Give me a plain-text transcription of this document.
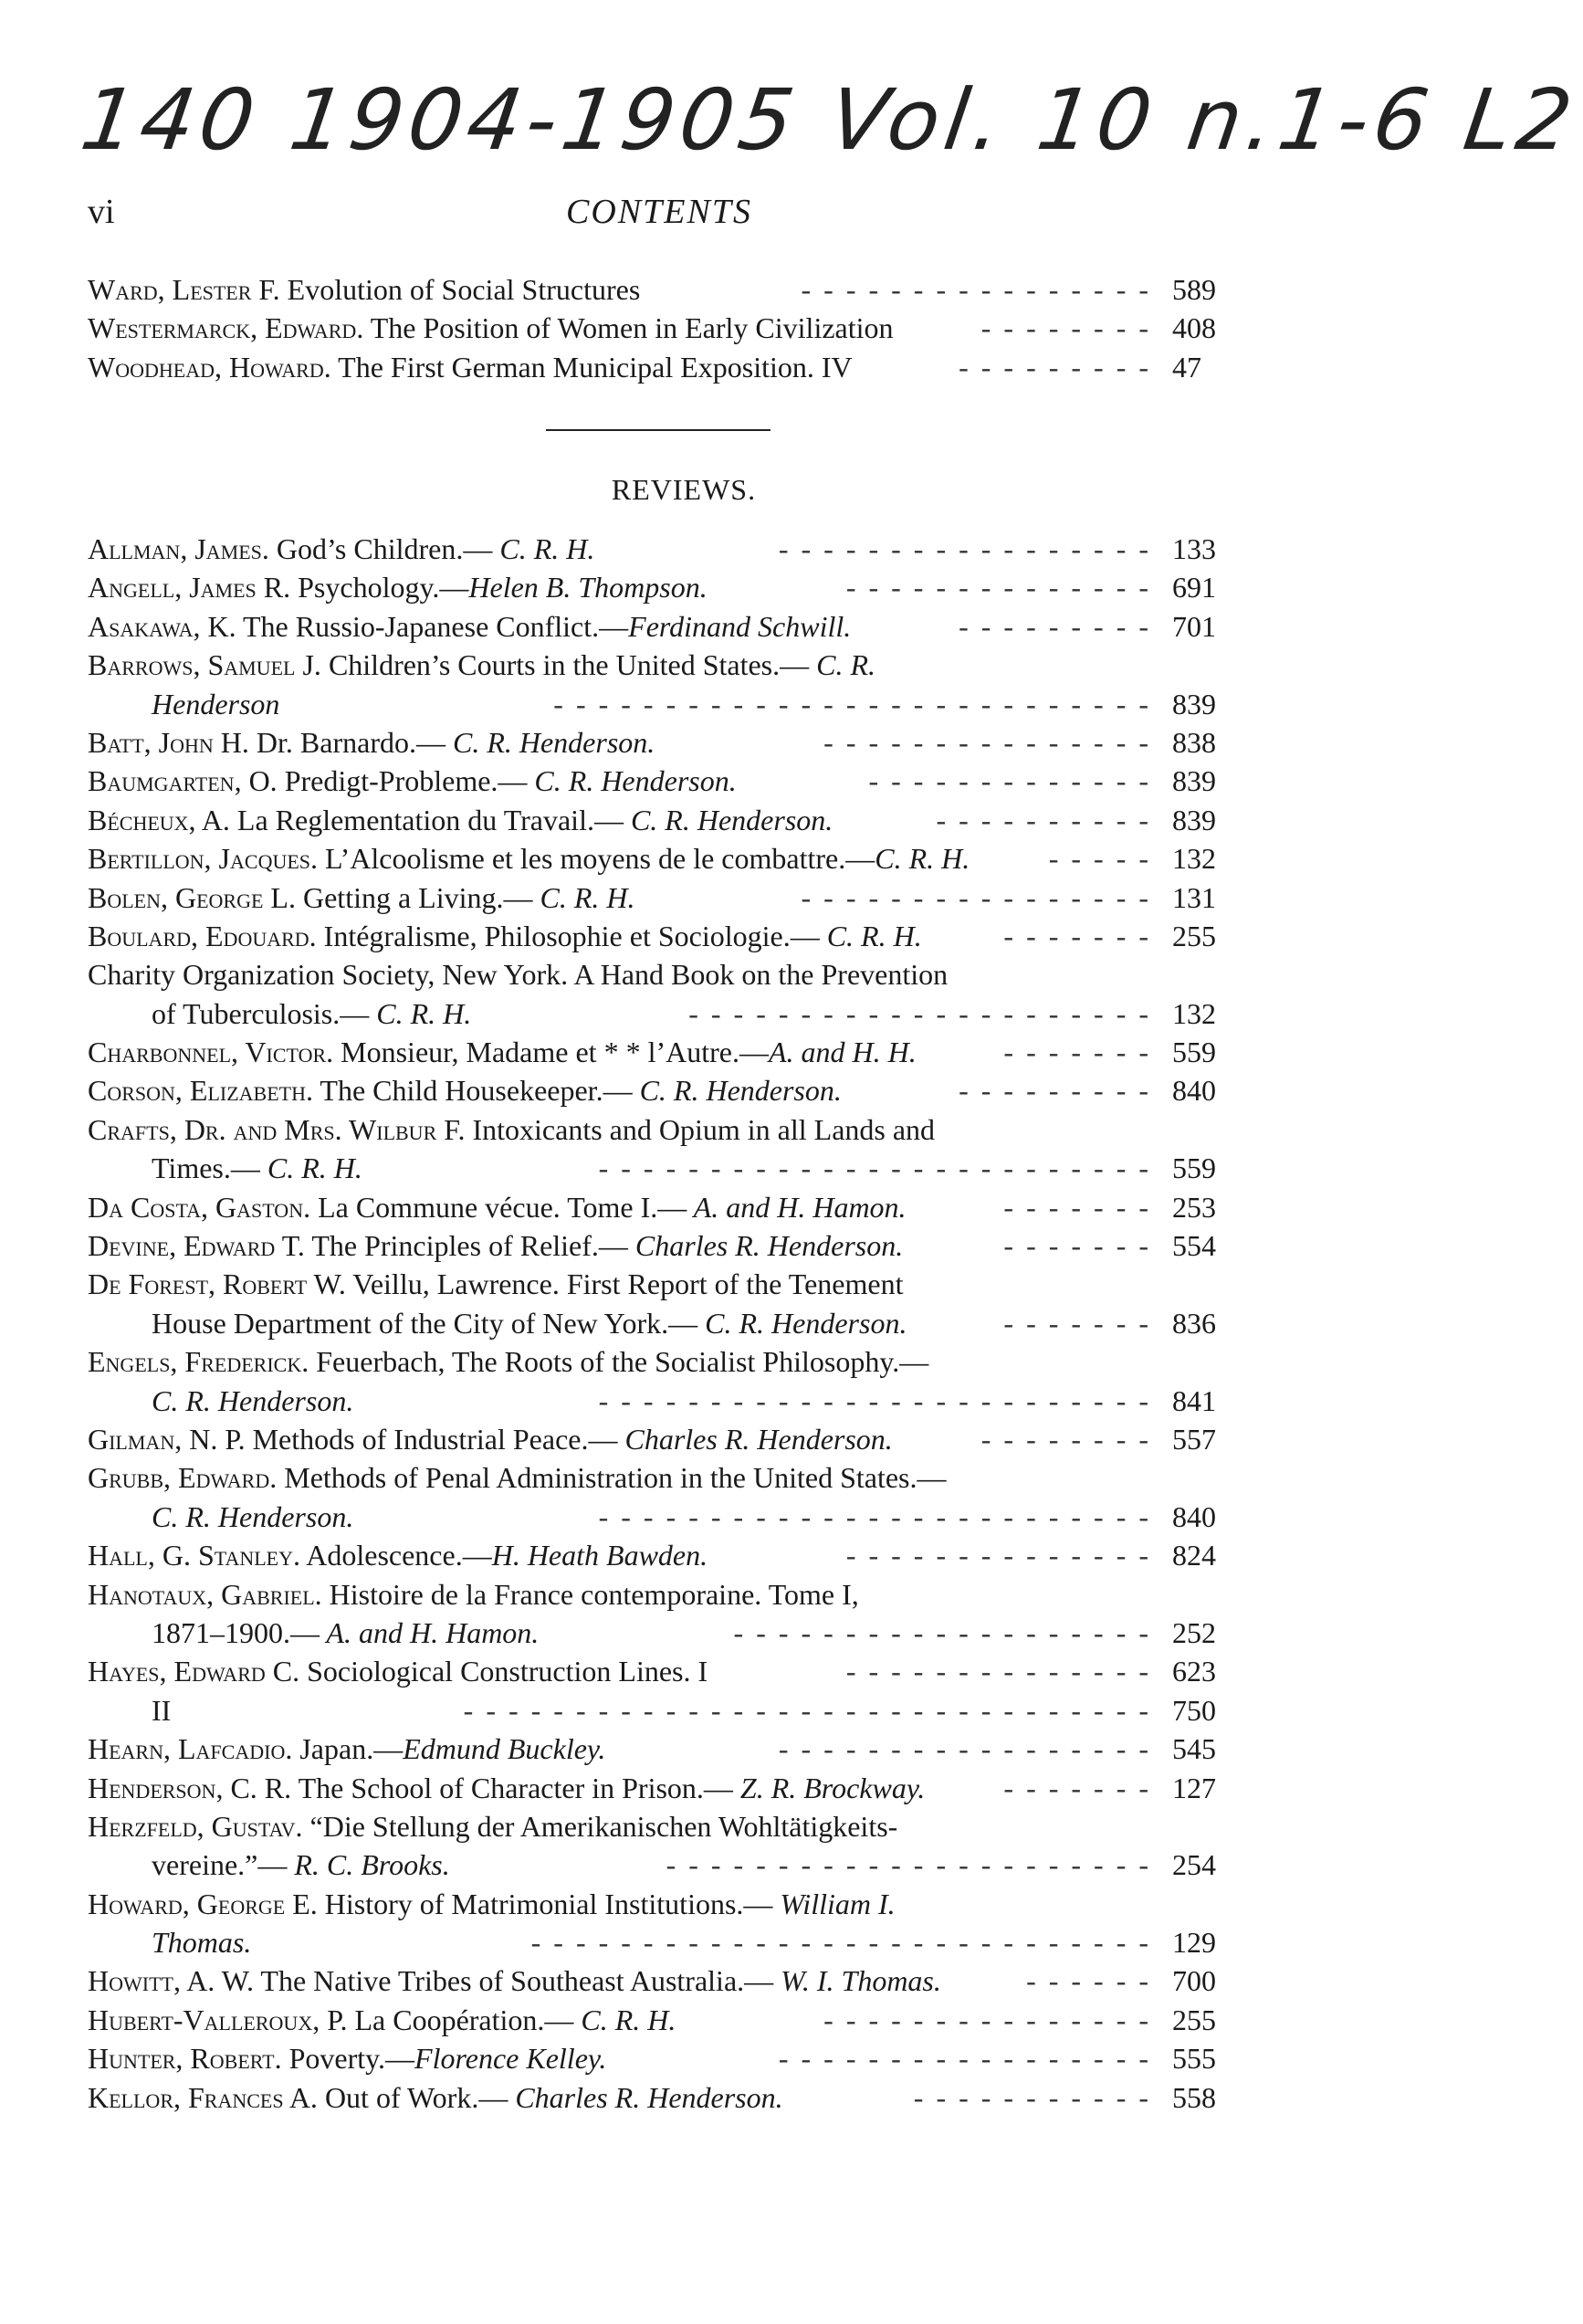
140 1904-1905 Vol. 10 n.1-6 L2
vi	CONTENTS
Ward, Lester F. Evolution of Social Structures	---------------- 589
Westermarck, Edward. The Position of Women in Early Civilization	-------- 408
Woodhead, Howard. The First German Municipal Exposition. IV	--------- 47
REVIEWS.
Allman, James. God’s Children.— C. R. H.	----------------- 133
Angell, James R. Psychology.—Helen B. Thompson.	-------------- 691
Asakawa, K. The Russio-Japanese Conflict.—Ferdinand Schwill.	--------- 701
Barrows, Samuel J. Children’s Courts in the United States.— C. R.
Henderson	--------------------------- 839
Batt, John H. Dr. Barnardo.— C. R. Henderson.	--------------- 838
Baumgarten, O. Predigt-Probleme.— C. R. Henderson.	------------- 839
Bécheux, A. La Reglementation du Travail.— C. R. Henderson.	---------- 839
Bertillon, Jacques. L’Alcoolisme et les moyens de le combattre.—C. R. H.	----- 132
Bolen, George L. Getting a Living.— C. R. H.	---------------- 131
Boulard, Edouard. Intégralisme, Philosophie et Sociologie.— C. R. H.	------- 255
Charity Organization Society, New York. A Hand Book on the Prevention
of Tuberculosis.— C. R. H.	--------------------- 132
Charbonnel, Victor. Monsieur, Madame et * * l’Autre.—A. and H. H.	------- 559
Corson, Elizabeth. The Child Housekeeper.— C. R. Henderson.	--------- 840
Crafts, Dr. and Mrs. Wilbur F. Intoxicants and Opium in all Lands and
Times.— C. R. H.	------------------------- 559
Da Costa, Gaston. La Commune vécue. Tome I.— A. and H. Hamon.	------- 253
Devine, Edward T. The Principles of Relief.— Charles R. Henderson.	------- 554
De Forest, Robert W. Veillu, Lawrence. First Report of the Tenement
House Department of the City of New York.— C. R. Henderson.	------- 836
Engels, Frederick. Feuerbach, The Roots of the Socialist Philosophy.—
C. R. Henderson.	------------------------- 841
Gilman, N. P. Methods of Industrial Peace.— Charles R. Henderson.	-------- 557
Grubb, Edward. Methods of Penal Administration in the United States.—
C. R. Henderson.	------------------------- 840
Hall, G. Stanley. Adolescence.—H. Heath Bawden.	-------------- 824
Hanotaux, Gabriel. Histoire de la France contemporaine. Tome I,
1871–1900.— A. and H. Hamon.	------------------- 252
Hayes, Edward C. Sociological Construction Lines. I	-------------- 623
II	------------------------------- 750
Hearn, Lafcadio. Japan.—Edmund Buckley.	----------------- 545
Henderson, C. R. The School of Character in Prison.— Z. R. Brockway.	------- 127
Herzfeld, Gustav. “Die Stellung der Amerikanischen Wohltätigkeits-
vereine.”— R. C. Brooks.	---------------------- 254
Howard, George E. History of Matrimonial Institutions.— William I.
Thomas.	---------------------------- 129
Howitt, A. W. The Native Tribes of Southeast Australia.— W. I. Thomas.	------ 700
Hubert-Valleroux, P. La Coopération.— C. R. H.	--------------- 255
Hunter, Robert. Poverty.—Florence Kelley.	----------------- 555
Kellor, Frances A. Out of Work.— Charles R. Henderson.	----------- 558
